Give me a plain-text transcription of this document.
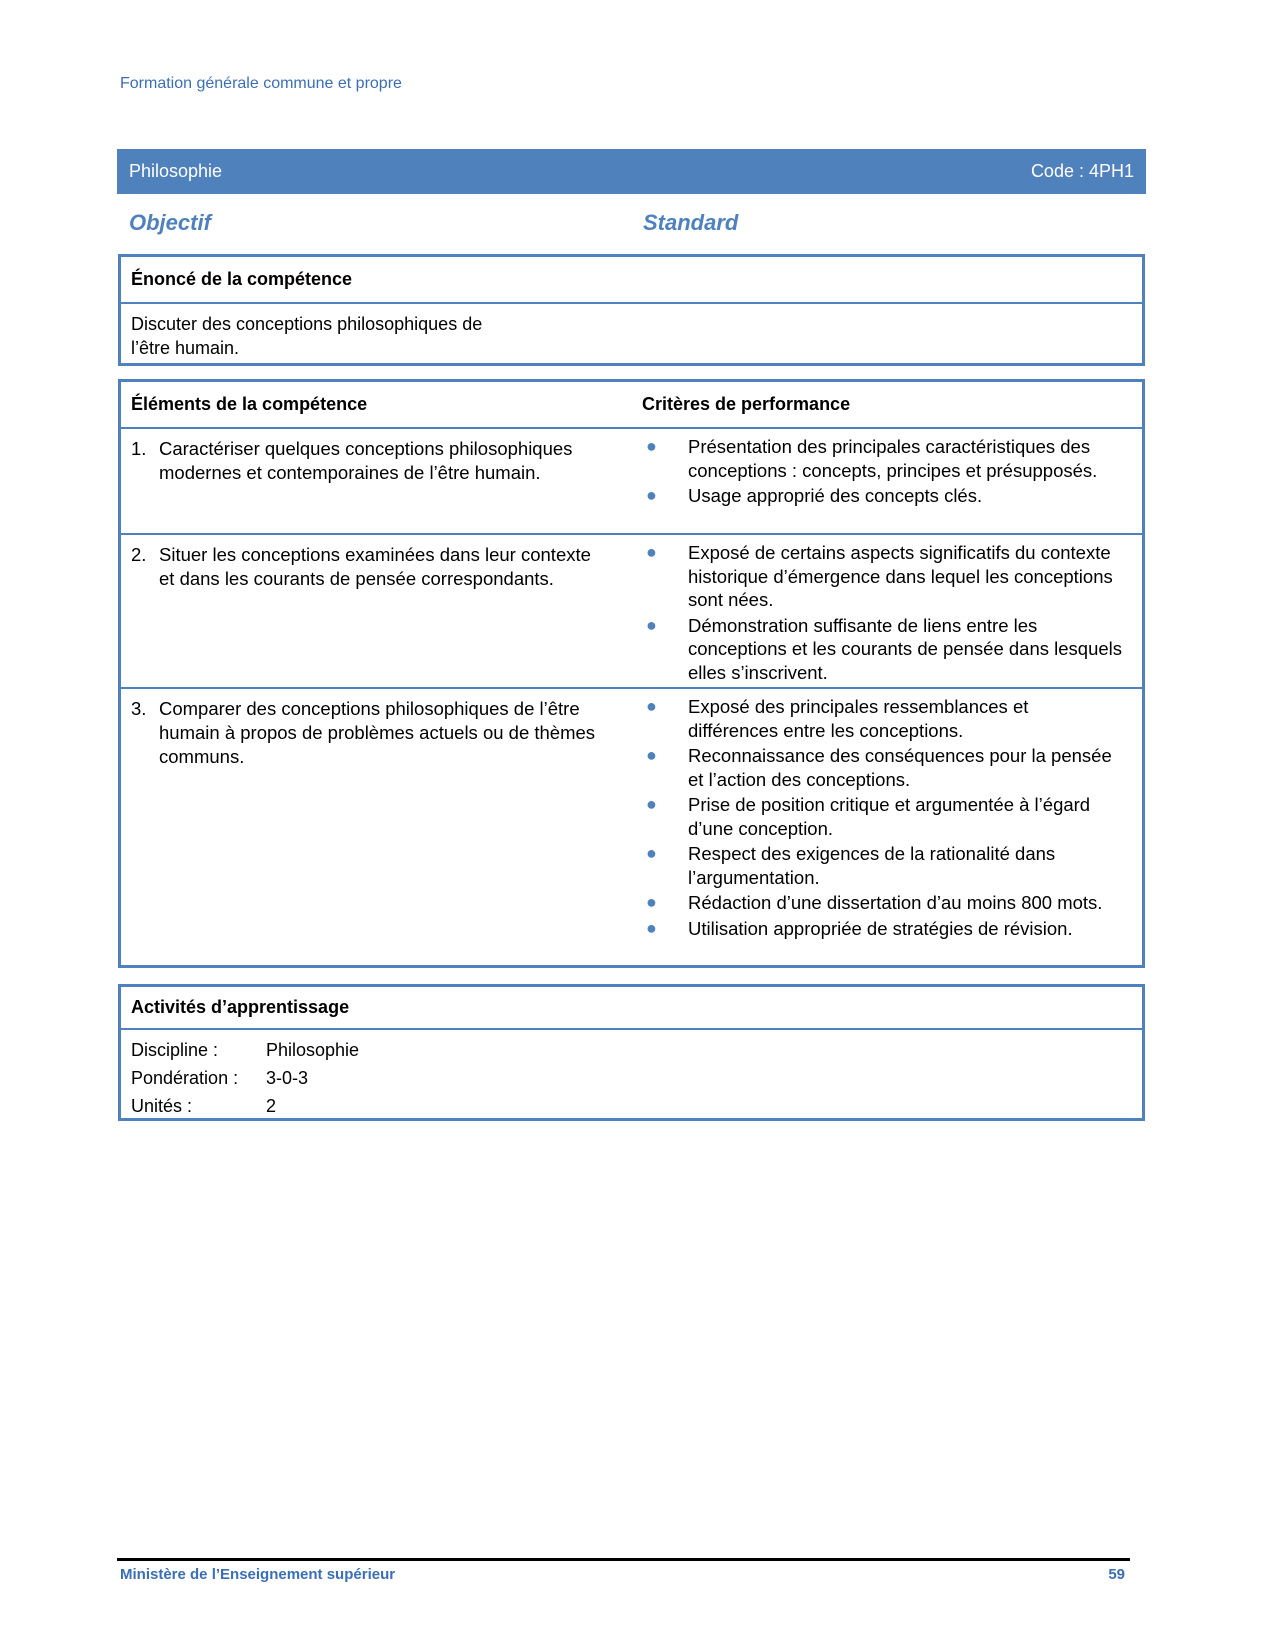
Formation générale commune et propre
Philosophie	Code : 4PH1
Objectif	Standard
Énoncé de la compétence
Discuter des conceptions philosophiques de
l’être humain.
Éléments de la compétence	Critères de performance
1. Caractériser quelques conceptions philosophiques modernes et contemporaines de l’être humain.
● Présentation des principales caractéristiques des conceptions : concepts, principes et présupposés.
● Usage approprié des concepts clés.
2. Situer les conceptions examinées dans leur contexte et dans les courants de pensée correspondants.
● Exposé de certains aspects significatifs du contexte historique d’émergence dans lequel les conceptions sont nées.
● Démonstration suffisante de liens entre les conceptions et les courants de pensée dans lesquels elles s’inscrivent.
3. Comparer des conceptions philosophiques de l’être humain à propos de problèmes actuels ou de thèmes communs.
● Exposé des principales ressemblances et différences entre les conceptions.
● Reconnaissance des conséquences pour la pensée et l’action des conceptions.
● Prise de position critique et argumentée à l’égard d’une conception.
● Respect des exigences de la rationalité dans l’argumentation.
● Rédaction d’une dissertation d’au moins 800 mots.
● Utilisation appropriée de stratégies de révision.
Activités d’apprentissage
Discipline :	Philosophie
Pondération :	3-0-3
Unités :	2
Ministère de l’Enseignement supérieur	59
